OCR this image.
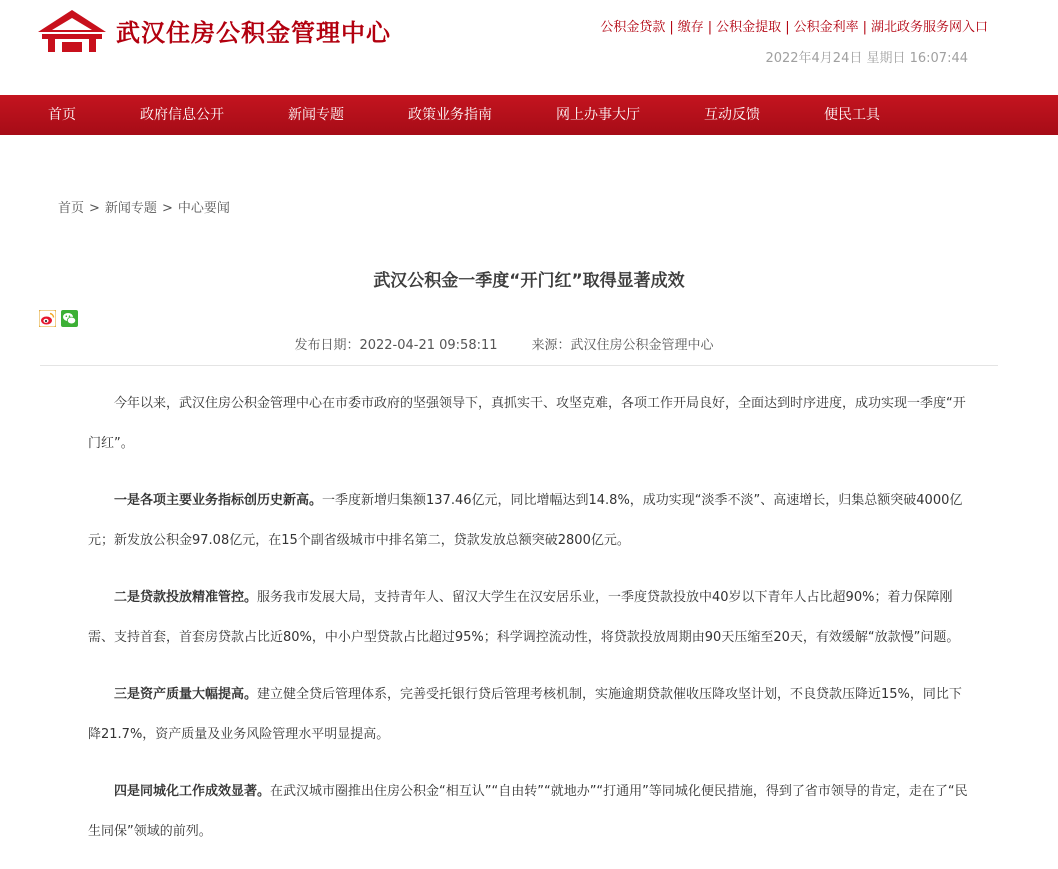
武汉住房公积金管理中心	公积金贷款 | 缴存 | 公积金提取 | 公积金利率 | 湖北政务服务网入口
2022年4月24日 星期日 16:07:44
首页	政府信息公开	新闻专题	政策业务指南	网上办事大厅	互动反馈	便民工具
首页 > 新闻专题 > 中心要闻
武汉公积金一季度“开门红”取得显著成效
发布日期：2022-04-21 09:58:11	来源：武汉住房公积金管理中心

今年以来，武汉住房公积金管理中心在市委市政府的坚强领导下，真抓实干、攻坚克难，各项工作开局良好，全面达到时序进度，成功实现一季度“开门红”。

一是各项主要业务指标创历史新高。一季度新增归集额137.46亿元，同比增幅达到14.8%，成功实现“淡季不淡”、高速增长，归集总额突破4000亿元；新发放公积金97.08亿元，在15个副省级城市中排名第二，贷款发放总额突破2800亿元。

二是贷款投放精准管控。服务我市发展大局，支持青年人、留汉大学生在汉安居乐业，一季度贷款投放中40岁以下青年人占比超90%；着力保障刚需、支持首套，首套房贷款占比近80%，中小户型贷款占比超过95%；科学调控流动性，将贷款投放周期由90天压缩至20天，有效缓解“放款慢”问题。

三是资产质量大幅提高。建立健全贷后管理体系，完善受托银行贷后管理考核机制，实施逾期贷款催收压降攻坚计划，不良贷款压降近15%，同比下降21.7%，资产质量及业务风险管理水平明显提高。

四是同城化工作成效显著。在武汉城市圈推出住房公积金“相互认”“自由转”“就地办”“打通用”等同城化便民措施，得到了省市领导的肯定，走在了“民生同保”领域的前列。
